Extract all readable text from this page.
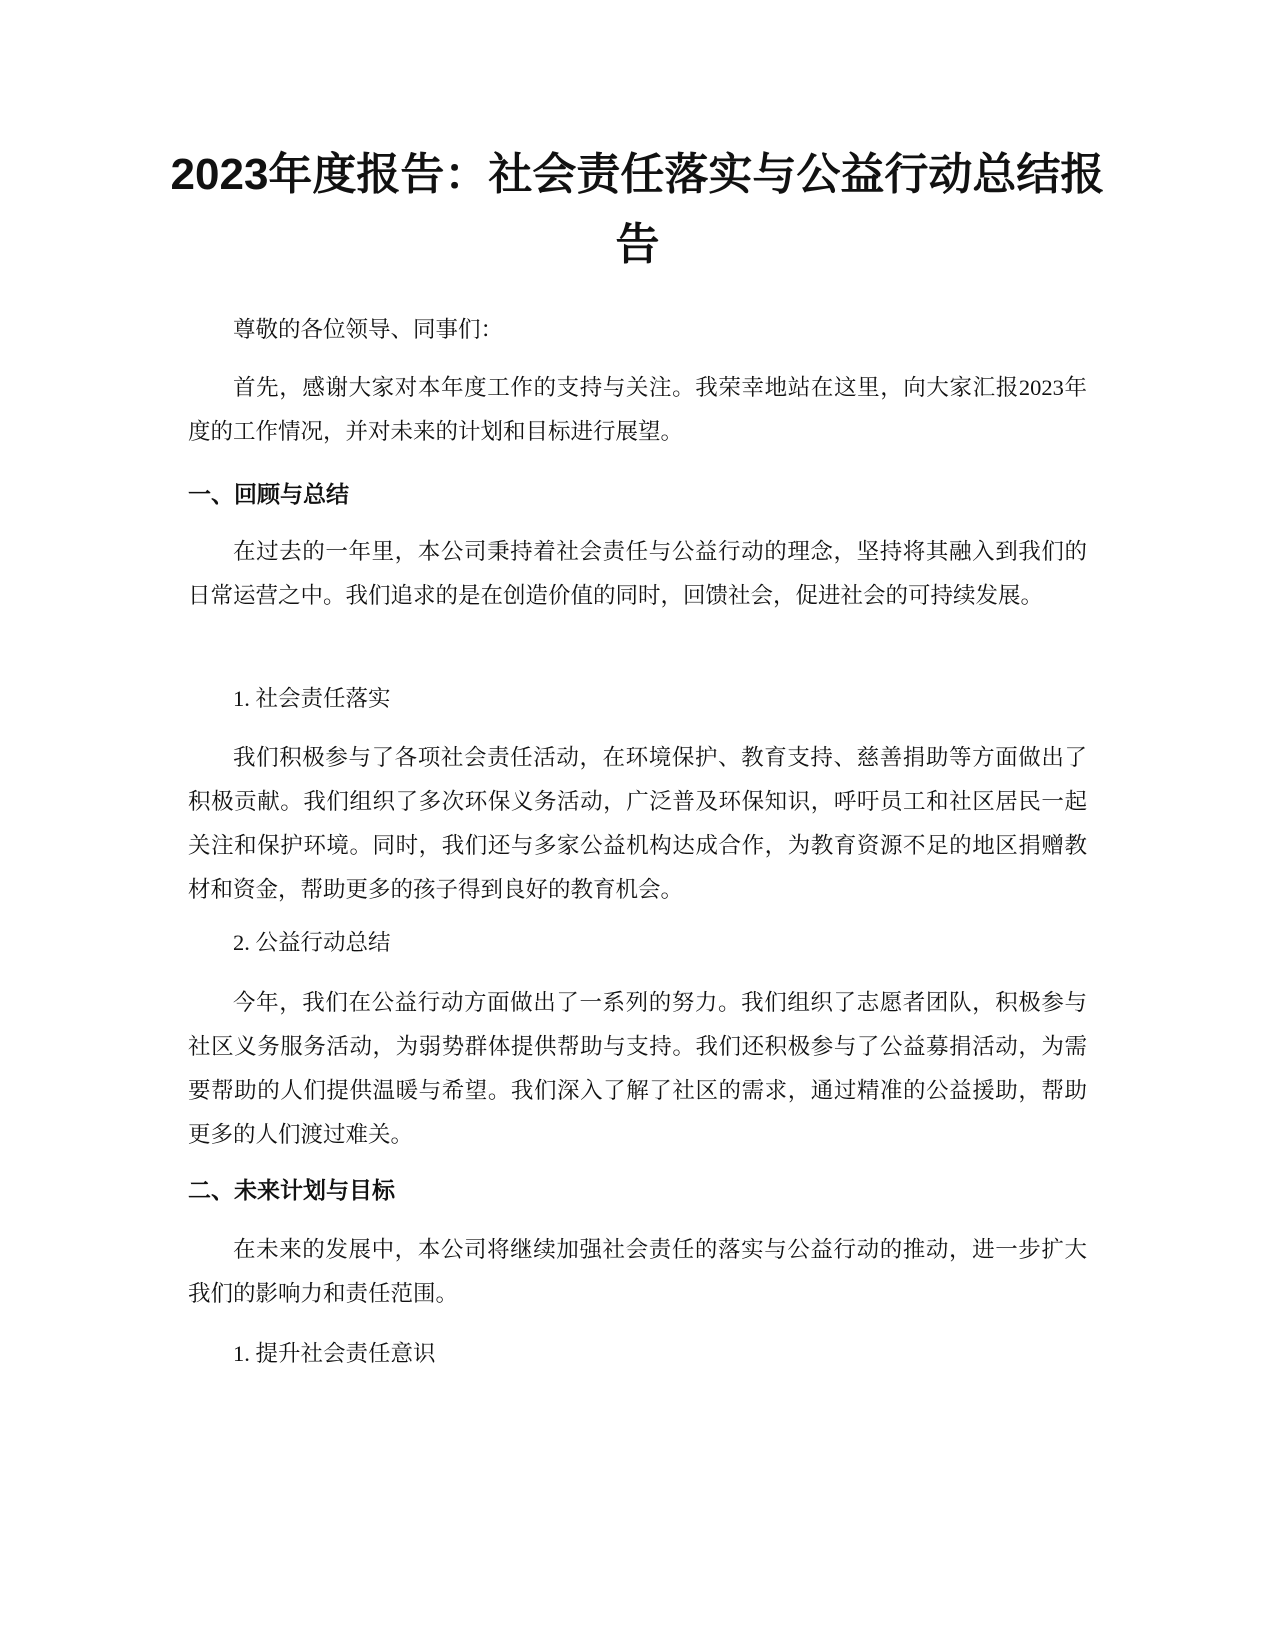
2023年度报告：社会责任落实与公益行动总结报告

尊敬的各位领导、同事们：

首先，感谢大家对本年度工作的支持与关注。我荣幸地站在这里，向大家汇报2023年度的工作情况，并对未来的计划和目标进行展望。

一、回顾与总结

在过去的一年里，本公司秉持着社会责任与公益行动的理念，坚持将其融入到我们的日常运营之中。我们追求的是在创造价值的同时，回馈社会，促进社会的可持续发展。

1. 社会责任落实

我们积极参与了各项社会责任活动，在环境保护、教育支持、慈善捐助等方面做出了积极贡献。我们组织了多次环保义务活动，广泛普及环保知识，呼吁员工和社区居民一起关注和保护环境。同时，我们还与多家公益机构达成合作，为教育资源不足的地区捐赠教材和资金，帮助更多的孩子得到良好的教育机会。

2. 公益行动总结

今年，我们在公益行动方面做出了一系列的努力。我们组织了志愿者团队，积极参与社区义务服务活动，为弱势群体提供帮助与支持。我们还积极参与了公益募捐活动，为需要帮助的人们提供温暖与希望。我们深入了解了社区的需求，通过精准的公益援助，帮助更多的人们渡过难关。

二、未来计划与目标

在未来的发展中，本公司将继续加强社会责任的落实与公益行动的推动，进一步扩大我们的影响力和责任范围。

1. 提升社会责任意识
